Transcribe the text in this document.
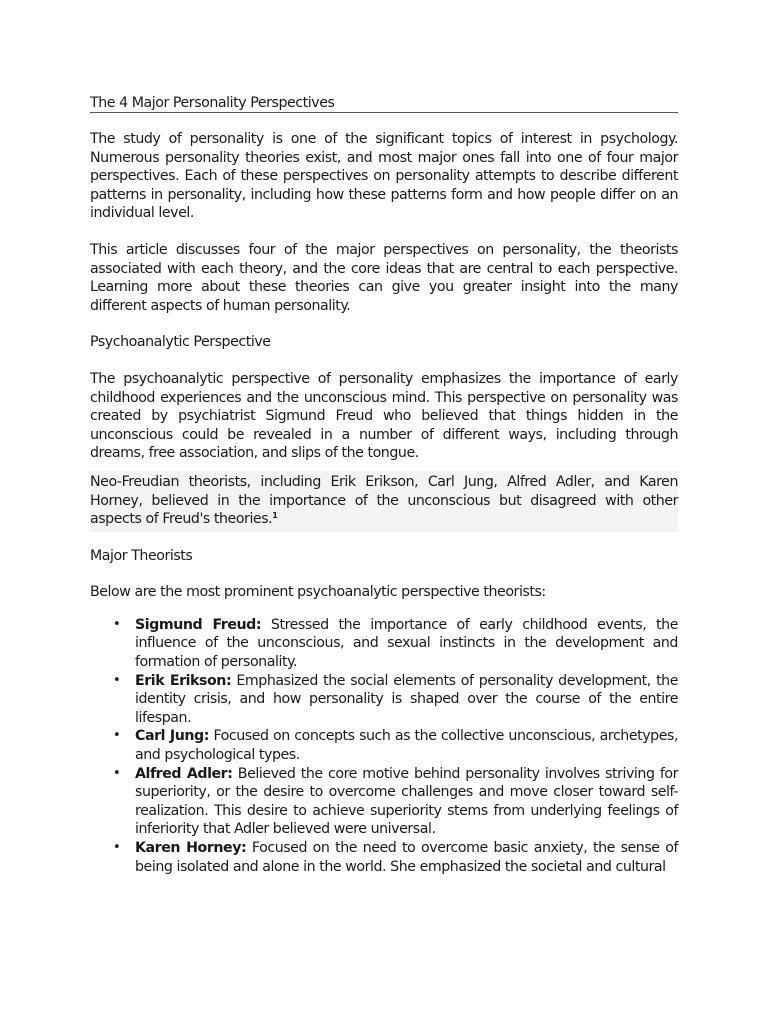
The 4 Major Personality Perspectives

The study of personality is one of the significant topics of interest in psychology. Numerous personality theories exist, and most major ones fall into one of four major perspectives. Each of these perspectives on personality attempts to describe different patterns in personality, including how these patterns form and how people differ on an individual level.

This article discusses four of the major perspectives on personality, the theorists associated with each theory, and the core ideas that are central to each perspective. Learning more about these theories can give you greater insight into the many different aspects of human personality.

Psychoanalytic Perspective

The psychoanalytic perspective of personality emphasizes the importance of early childhood experiences and the unconscious mind. This perspective on personality was created by psychiatrist Sigmund Freud who believed that things hidden in the unconscious could be revealed in a number of different ways, including through dreams, free association, and slips of the tongue.

Neo-Freudian theorists, including Erik Erikson, Carl Jung, Alfred Adler, and Karen Horney, believed in the importance of the unconscious but disagreed with other aspects of Freud's theories.$^1$

Major Theorists

Below are the most prominent psychoanalytic perspective theorists:

• Sigmund Freud: Stressed the importance of early childhood events, the influence of the unconscious, and sexual instincts in the development and formation of personality.
• Erik Erikson: Emphasized the social elements of personality development, the identity crisis, and how personality is shaped over the course of the entire lifespan.
• Carl Jung: Focused on concepts such as the collective unconscious, archetypes, and psychological types.
• Alfred Adler: Believed the core motive behind personality involves striving for superiority, or the desire to overcome challenges and move closer toward self-realization. This desire to achieve superiority stems from underlying feelings of inferiority that Adler believed were universal.
• Karen Horney: Focused on the need to overcome basic anxiety, the sense of being isolated and alone in the world. She emphasized the societal and cultural
